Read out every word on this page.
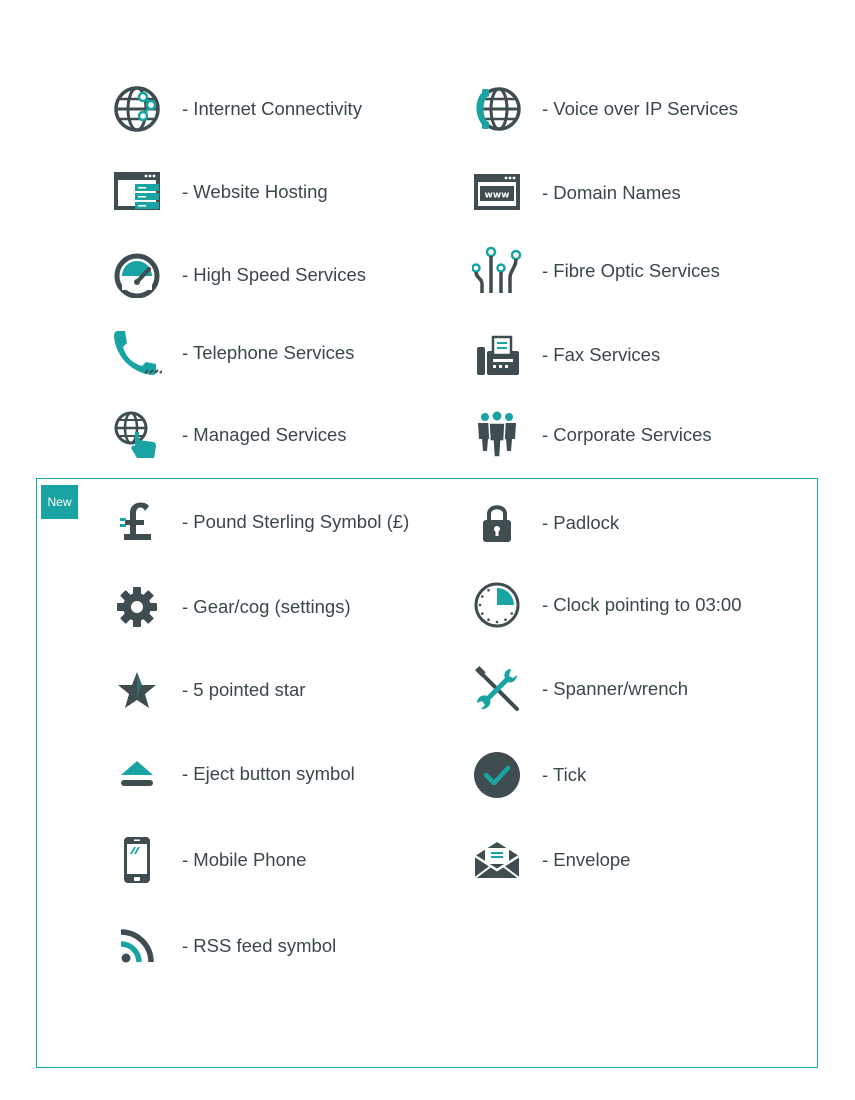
- Internet Connectivity	- Voice over IP Services
- Website Hosting	www - Domain Names
- High Speed Services	- Fibre Optic Services
- Telephone Services	- Fax Services
- Managed Services	- Corporate Services
New
- Pound Sterling Symbol (£)	- Padlock
- Gear/cog (settings)	- Clock pointing to 03:00
- 5 pointed star	- Spanner/wrench
- Eject button symbol	- Tick
- Mobile Phone	- Envelope
- RSS feed symbol
